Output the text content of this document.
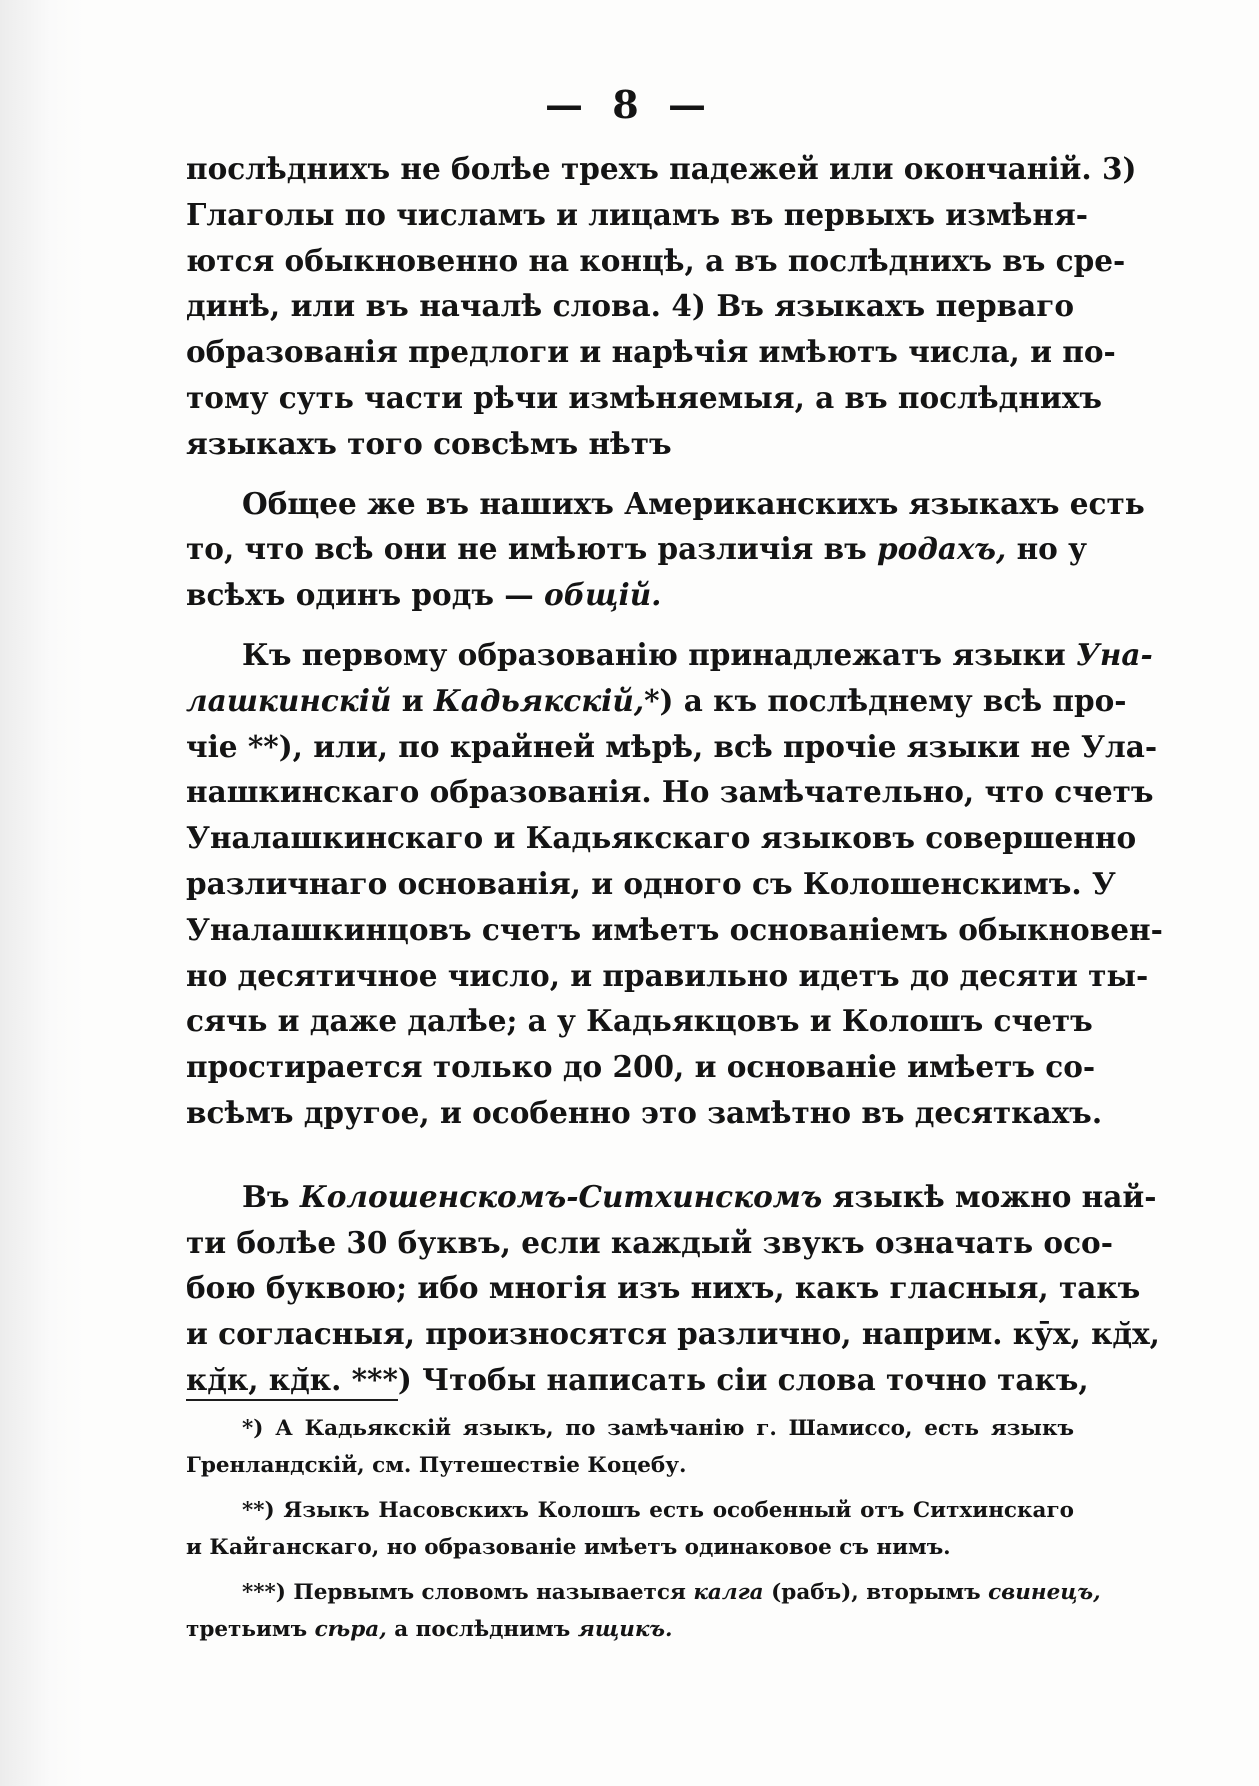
— 8 —
послѣднихъ не болѣе трехъ падежей или окончаній. 3)
Глаголы по числамъ и лицамъ въ первыхъ измѣня-
ются обыкновенно на концѣ, а въ послѣднихъ въ сре-
динѣ, или въ началѣ слова. 4) Въ языкахъ перваго
образованія предлоги и нарѣчія имѣютъ числа, и по-
тому суть части рѣчи измѣняемыя, а въ послѣднихъ
языкахъ того совсѣмъ нѣтъ
Общее же въ нашихъ Американскихъ языкахъ есть
то, что всѣ они не имѣютъ различія въ родахъ, но у
всѣхъ одинъ родъ — общій.
Къ первому образованію принадлежатъ языки Уна-
лашкинскій и Кадьякскій,*) а къ послѣднему всѣ про-
чіе **), или, по крайней мѣрѣ, всѣ прочіе языки не Ула-
нашкинскаго образованія. Но замѣчательно, что счетъ
Уналашкинскаго и Кадьякскаго языковъ совершенно
различнаго основанія, и одного съ Колошенскимъ. У
Уналашкинцовъ счетъ имѣетъ основаніемъ обыкновен-
но десятичное число, и правильно идетъ до десяти ты-
сячь и даже далѣе; а у Кадьякцовъ и Колошъ счетъ
простирается только до 200, и основаніе имѣетъ со-
всѣмъ другое, и особенно это замѣтно въ десяткахъ.
Въ Колошенскомъ-Ситхинскомъ языкѣ можно най-
ти болѣе 30 буквъ, если каждый звукъ означать осо-
бою буквою; ибо многія изъ нихъ, какъ гласныя, такъ
и согласныя, произносятся различно, наприм. кӯх, кд̆х,
кд̆к, кд̆к. ***) Чтобы написать сіи слова точно такъ,
*) А Кадьякскій языкъ, по замѣчанію г. Шамиссо, есть языкъ
Гренландскій, см. Путешествіе Коцебу.
**) Языкъ Насовскихъ Колошъ есть особенный отъ Ситхинскаго
и Кайганскаго, но образованіе имѣетъ одинаковое съ нимъ.
***) Первымъ словомъ называется калга (рабъ), вторымъ свинецъ,
третьимъ сѣра, а послѣднимъ ящикъ.
